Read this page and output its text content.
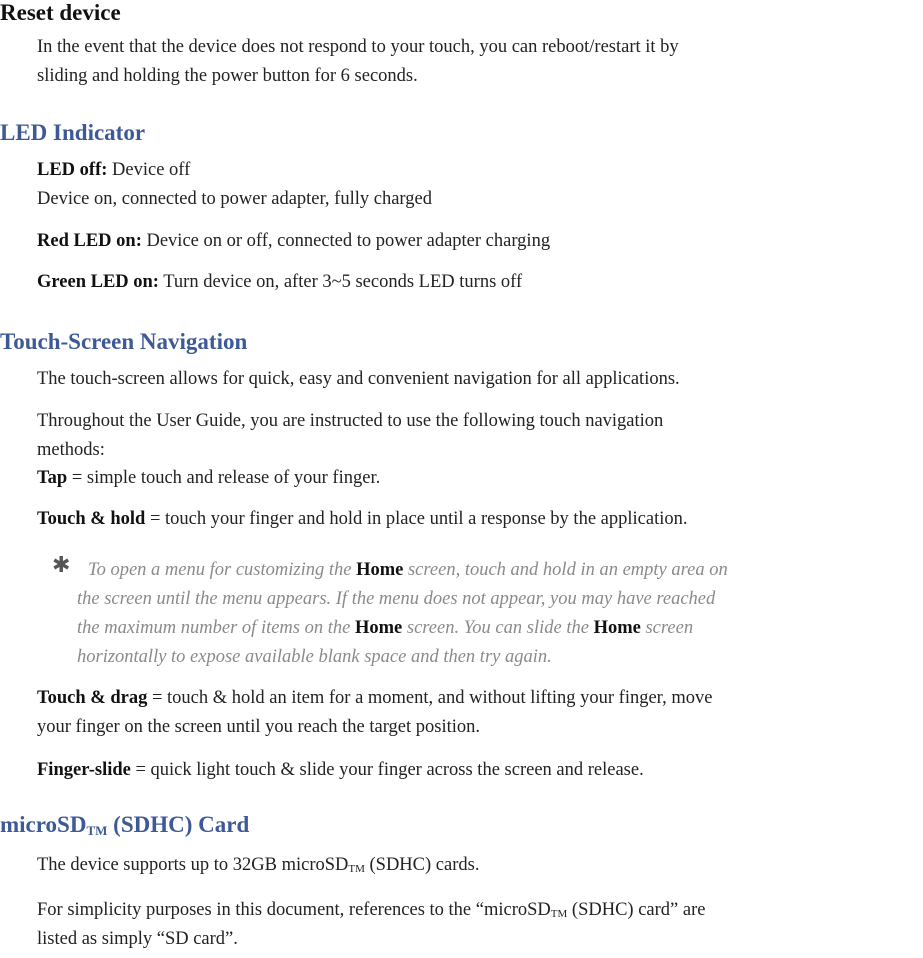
Reset device
In the event that the device does not respond to your touch, you can reboot/restart it by
sliding and holding the power button for 6 seconds.
LED Indicator
LED off: Device off
Device on, connected to power adapter, fully charged
Red LED on: Device on or off, connected to power adapter charging
Green LED on: Turn device on, after 3~5 seconds LED turns off
Touch-Screen Navigation
The touch-screen allows for quick, easy and convenient navigation for all applications.
Throughout the User Guide, you are instructed to use the following touch navigation
methods:
Tap = simple touch and release of your finger.
Touch & hold = touch your finger and hold in place until a response by the application.
✱ To open a menu for customizing the Home screen, touch and hold in an empty area on
the screen until the menu appears. If the menu does not appear, you may have reached
the maximum number of items on the Home screen. You can slide the Home screen
horizontally to expose available blank space and then try again.
Touch & drag = touch & hold an item for a moment, and without lifting your finger, move
your finger on the screen until you reach the target position.
Finger-slide = quick light touch & slide your finger across the screen and release.
microSDTM (SDHC) Card
The device supports up to 32GB microSDTM (SDHC) cards.
For simplicity purposes in this document, references to the “microSDTM (SDHC) card” are
listed as simply “SD card”.
